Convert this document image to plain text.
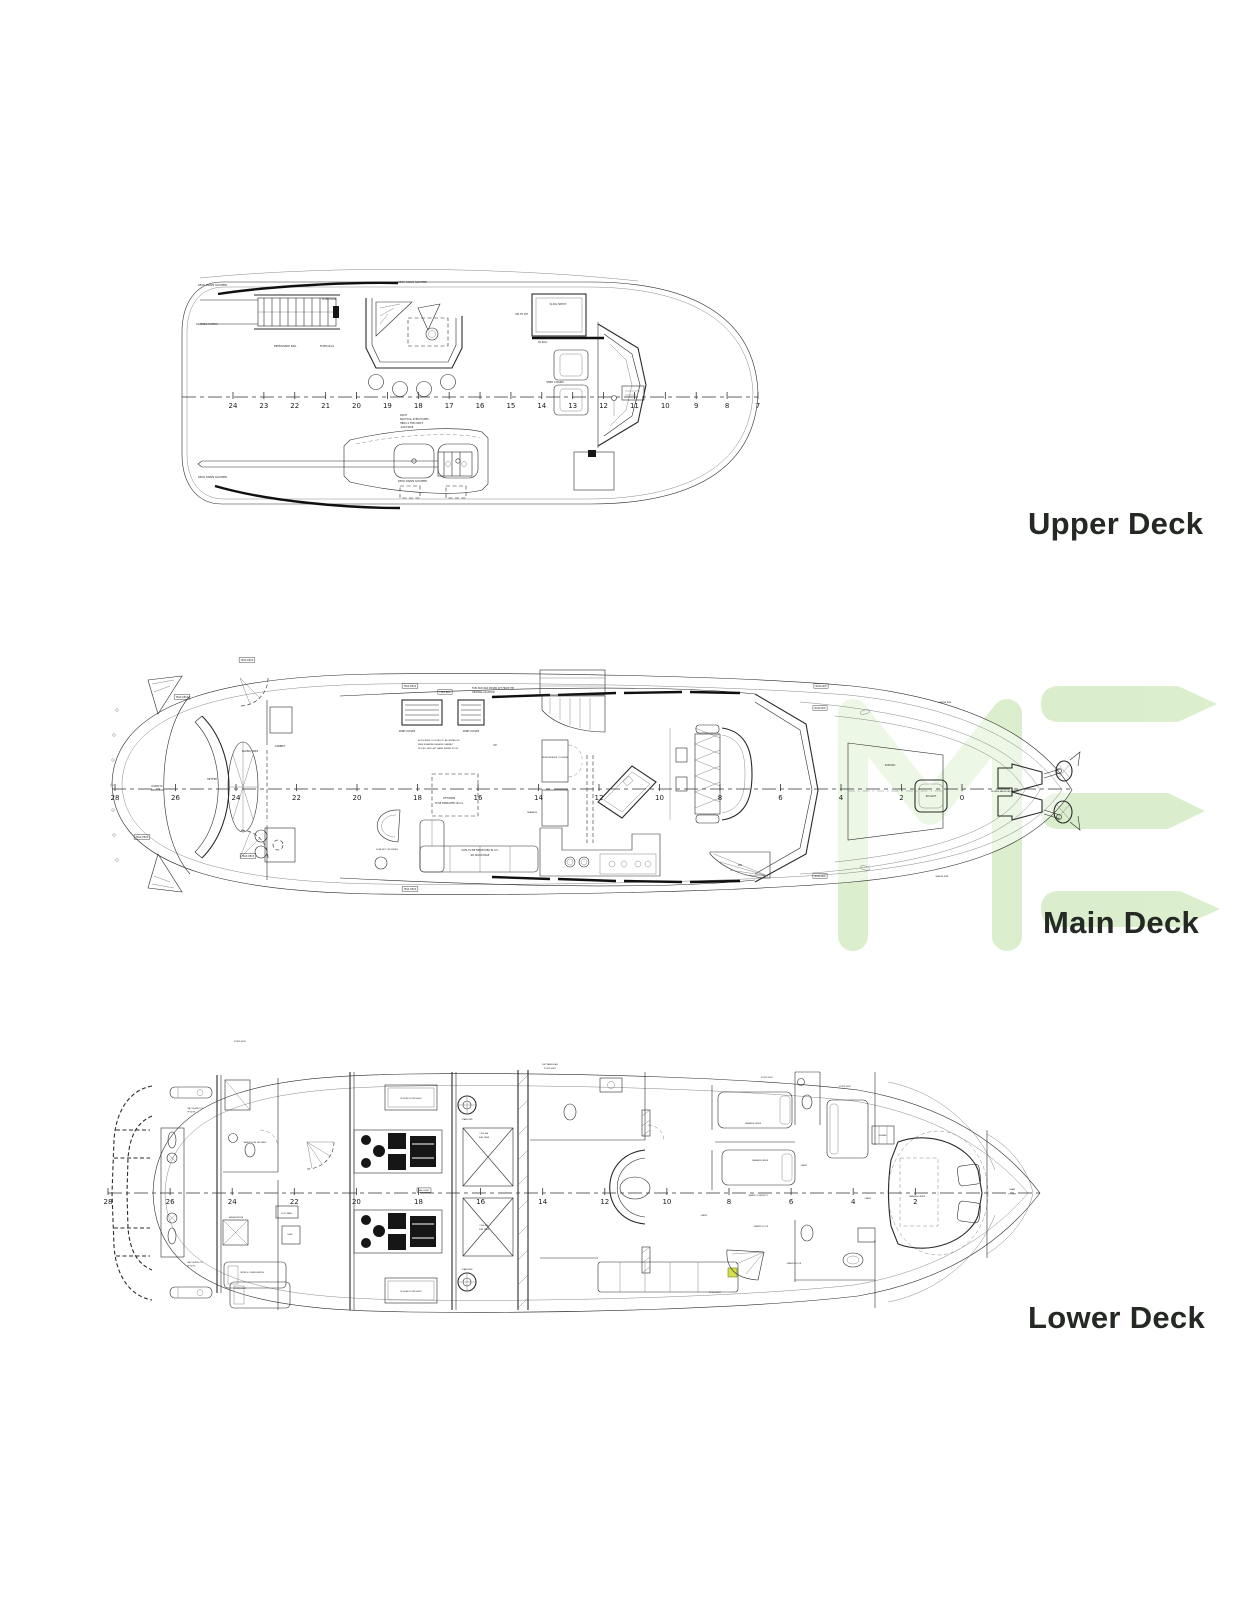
24	23	22	21	20	19	18	17	16	15	14	13	12	11	10	9	8	7
DECK DRAIN SCUPPER
DECK DRAIN SCUPPER
SLIDING HATCH
REMOVABLE RAIL	FIXED RAIL
FIXED RAIL
SLDG HATCH
DN TO P/H
SS RAIL
STBD CHAIRS
DAVIT
NAUTICAL STRUCTURES
HBO/11 FWD 8X8.5
-100-T4D-B
DECK DRAIN SCUPPER
DECK DRAIN SCUPPER
28	26	24	22	20	18	16	14	12	10	8	6	4	2	0
TEAK DECK
TEAK DECK
TEAK DECK
TEAK DECK
TEAK DECK
TEAK DECK
FUEL BOX
FUEL BOX WAS MOVED AFT FROM THE
ORIGINAL LOCATION
WINE COOLER	WINE COOLER
BOTH WINE COOLERS TO BE INSTALLED
FREE STANDING BEHIND CABINET
DOORS. SEE LEFT HAND SWING DOOR.
SETTEE
SLIDING TABLE
DOWN TO
SWIM DECK
CABINET
OTTOMAN
TO BE FABRICATED IN U.S.
SOFA TO BE FABRICATED IN U.S.
NO WOOD BASE
SOFA NOT INCLUDED
UP
DRAWERS
REFR/FREEZER COLUMNS
DN
SKYLIGHT
SUN PAD
DOUBLE ANCHORS LAYOUT
HAWSE PIPE
HAWSE PIPE
NON-SKID
NON-SKID
NON-SKID
28	26	24	22	20	18	16	14	12	10	8	6	4	2
PORTLIGHT
RECTANGULAR
PORTLIGHT
PORTLIGHT
PORTLIGHT
PORTLIGHT
PORTLIGHT
CALCULATED CG
OF DECK
CALCULATED CG
OF DECK
KOHLER 32 KW 60HZ
KOHLER 32 KW 60HZ
STABILIZER
STABILIZER
1700 GAL
FUEL TANK
1700 GAL
FUEL TANK
SEA CHEST
WATER FLUSH (SHOWER)
UPPER & LOWER BERTHS
WASHER/DRYER
DESK
ELEC PANEL
DRAWERS UNDER
DRAWERS UNDER
DRAWERS UNDER
BUREAU
CARPET
CARPET
CARPET
GRANITE FLOOR
GRANITE FLOOR
GRANITE COUNTERTOP
CHAIN
LOCKER
Upper Deck
Main Deck
Lower Deck
